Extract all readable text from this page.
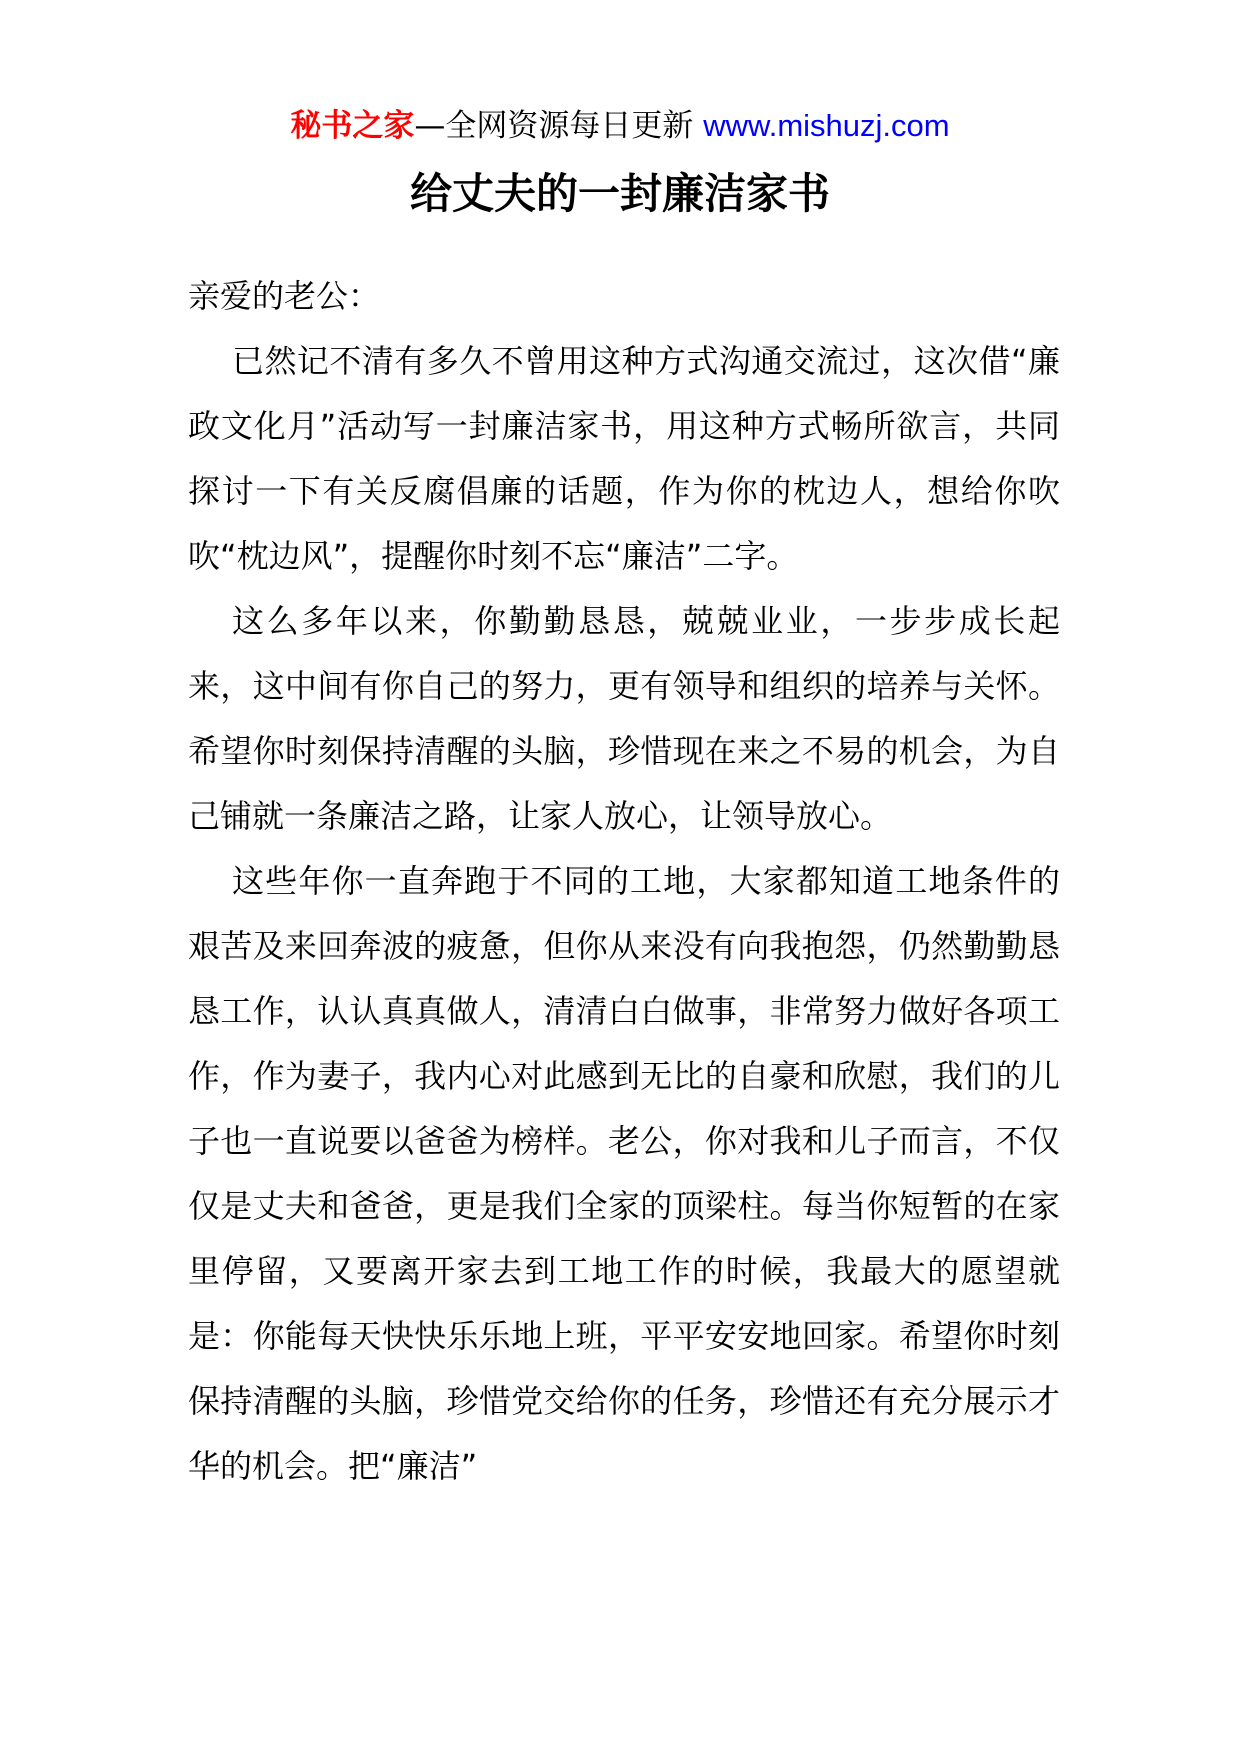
秘书之家—全网资源每日更新 www.mishuzj.com
给丈夫的一封廉洁家书

亲爱的老公：

已然记不清有多久不曾用这种方式沟通交流过，这次借“廉政文化月”活动写一封廉洁家书，用这种方式畅所欲言，共同探讨一下有关反腐倡廉的话题，作为你的枕边人，想给你吹吹“枕边风”，提醒你时刻不忘“廉洁”二字。

这么多年以来，你勤勤恳恳，兢兢业业，一步步成长起来，这中间有你自己的努力，更有领导和组织的培养与关怀。希望你时刻保持清醒的头脑，珍惜现在来之不易的机会，为自己铺就一条廉洁之路，让家人放心，让领导放心。

这些年你一直奔跑于不同的工地，大家都知道工地条件的艰苦及来回奔波的疲惫，但你从来没有向我抱怨，仍然勤勤恳恳工作，认认真真做人，清清白白做事，非常努力做好各项工作，作为妻子，我内心对此感到无比的自豪和欣慰，我们的儿子也一直说要以爸爸为榜样。老公，你对我和儿子而言，不仅仅是丈夫和爸爸，更是我们全家的顶梁柱。每当你短暂的在家里停留，又要离开家去到工地工作的时候，我最大的愿望就是：你能每天快快乐乐地上班，平平安安地回家。希望你时刻保持清醒的头脑，珍惜党交给你的任务，珍惜还有充分展示才华的机会。把“廉洁”
